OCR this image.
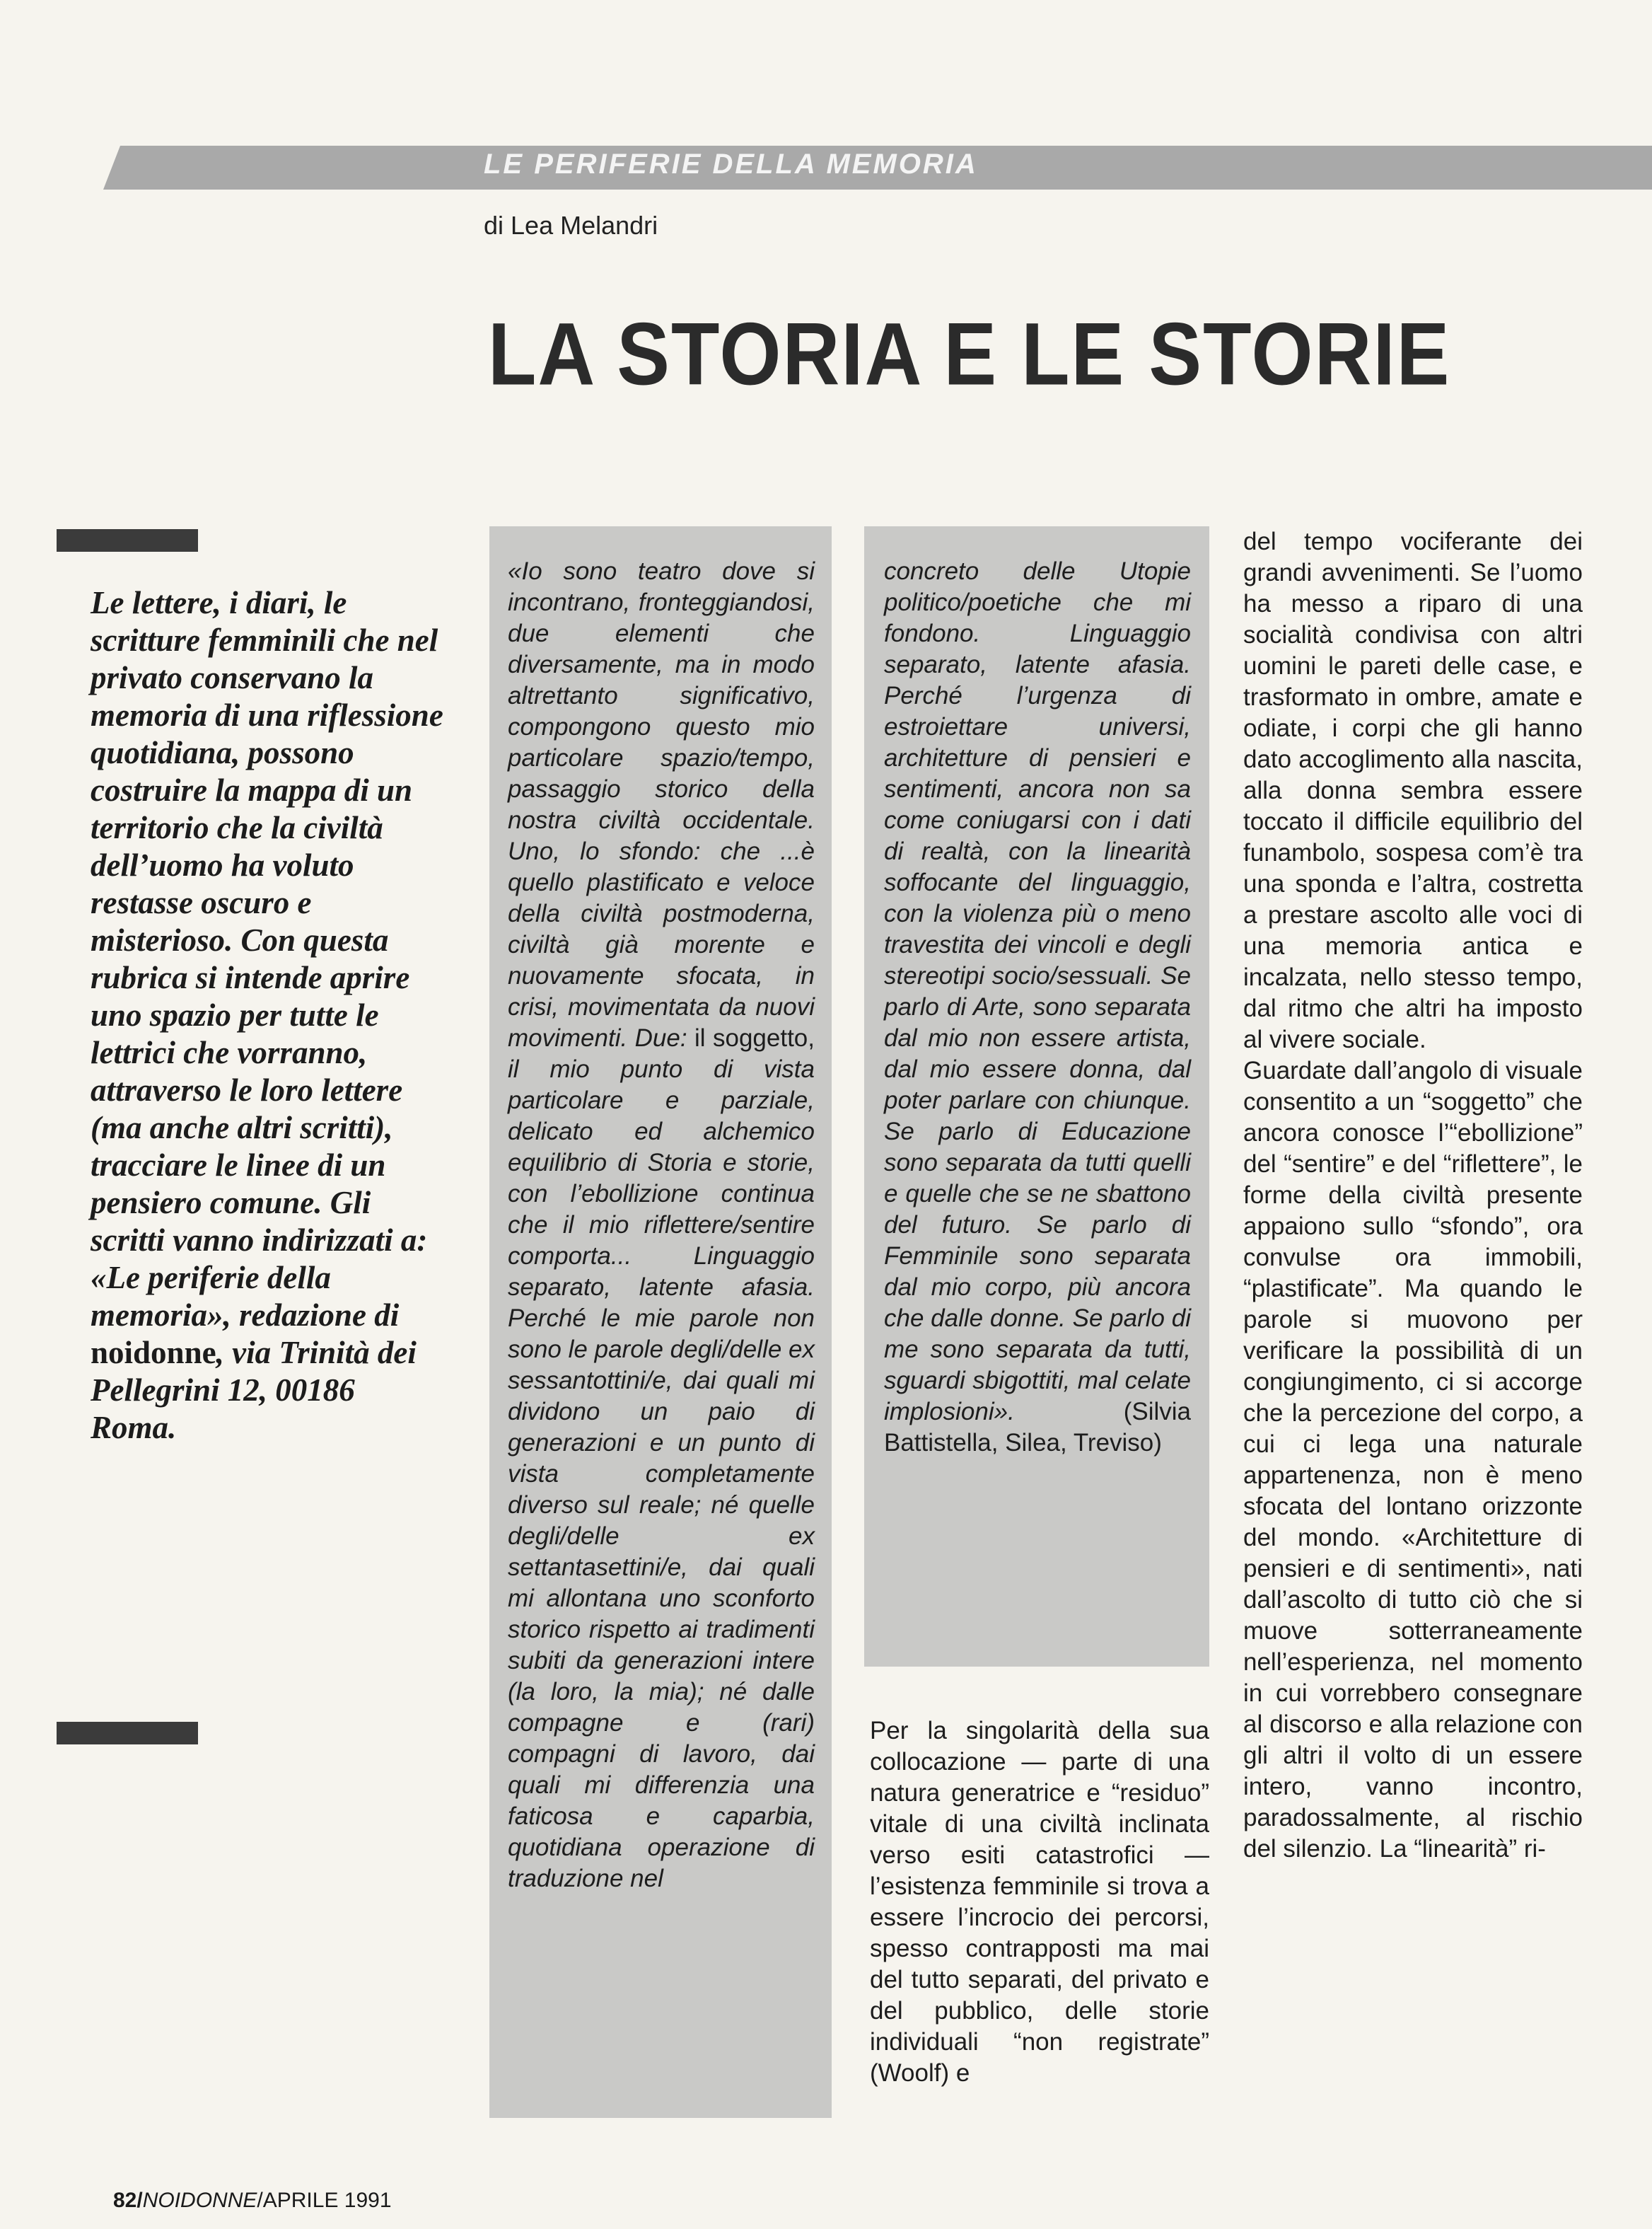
LE PERIFERIE DELLA MEMORIA
di Lea Melandri
LA STORIA E LE STORIE

Le lettere, i diari, le scritture femminili che nel privato conservano la memoria di una riflessione quotidiana, possono costruire la mappa di un territorio che la civiltà dell’uomo ha voluto restasse oscuro e misterioso. Con questa rubrica si intende aprire uno spazio per tutte le lettrici che vorranno, attraverso le loro lettere (ma anche altri scritti), tracciare le linee di un pensiero comune. Gli scritti vanno indirizzati a: «Le periferie della memoria», redazione di noidonne, via Trinità dei Pellegrini 12, 00186 Roma.

«Io sono teatro dove si incontrano, fronteggiandosi, due elementi che diversamente, ma in modo altrettanto significativo, compongono questo mio particolare spazio/tempo, passaggio storico della nostra civiltà occidentale. Uno, lo sfondo: che ...è quello plastificato e veloce della civiltà postmoderna, civiltà già morente e nuovamente sfocata, in crisi, movimentata da nuovi movimenti. Due: il soggetto, il mio punto di vista particolare e parziale, delicato ed alchemico equilibrio di Storia e storie, con l’ebollizione continua che il mio riflettere/sentire comporta... Linguaggio separato, latente afasia. Perché le mie parole non sono le parole degli/delle ex sessantottini/e, dai quali mi dividono un paio di generazioni e un punto di vista completamente diverso sul reale; né quelle degli/delle ex settantasettini/e, dai quali mi allontana uno sconforto storico rispetto ai tradimenti subiti da generazioni intere (la loro, la mia); né dalle compagne e (rari) compagni di lavoro, dai quali mi differenzia una faticosa e caparbia, quotidiana operazione di traduzione nel

concreto delle Utopie politico/poetiche che mi fondono. Linguaggio separato, latente afasia. Perché l’urgenza di estroiettare universi, architetture di pensieri e sentimenti, ancora non sa come coniugarsi con i dati di realtà, con la linearità soffocante del linguaggio, con la violenza più o meno travestita dei vincoli e degli stereotipi socio/sessuali. Se parlo di Arte, sono separata dal mio non essere artista, dal mio essere donna, dal poter parlare con chiunque. Se parlo di Educazione sono separata da tutti quelli e quelle che se ne sbattono del futuro. Se parlo di Femminile sono separata dal mio corpo, più ancora che dalle donne. Se parlo di me sono separata da tutti, sguardi sbigottiti, mal celate implosioni». (Silvia Battistella, Silea, Treviso)

Per la singolarità della sua collocazione — parte di una natura generatrice e “residuo” vitale di una civiltà inclinata verso esiti catastrofici — l’esistenza femminile si trova a essere l’incrocio dei percorsi, spesso contrapposti ma mai del tutto separati, del privato e del pubblico, delle storie individuali “non registrate” (Woolf) e

del tempo vociferante dei grandi avvenimenti. Se l’uomo ha messo a riparo di una socialità condivisa con altri uomini le pareti delle case, e trasformato in ombre, amate e odiate, i corpi che gli hanno dato accoglimento alla nascita, alla donna sembra essere toccato il difficile equilibrio del funambolo, sospesa com’è tra una sponda e l’altra, costretta a prestare ascolto alle voci di una memoria antica e incalzata, nello stesso tempo, dal ritmo che altri ha imposto al vivere sociale.
Guardate dall’angolo di visuale consentito a un “soggetto” che ancora conosce l’“ebollizione” del “sentire” e del “riflettere”, le forme della civiltà presente appaiono sullo “sfondo”, ora convulse ora immobili, “plastificate”. Ma quando le parole si muovono per verificare la possibilità di un congiungimento, ci si accorge che la percezione del corpo, a cui ci lega una naturale appartenenza, non è meno sfocata del lontano orizzonte del mondo. «Architetture di pensieri e di sentimenti», nati dall’ascolto di tutto ciò che si muove sotterraneamente nell’esperienza, nel momento in cui vorrebbero consegnare al discorso e alla relazione con gli altri il volto di un essere intero, vanno incontro, paradossalmente, al rischio del silenzio. La “linearità” ri-
82/NOIDONNE/APRILE 1991
